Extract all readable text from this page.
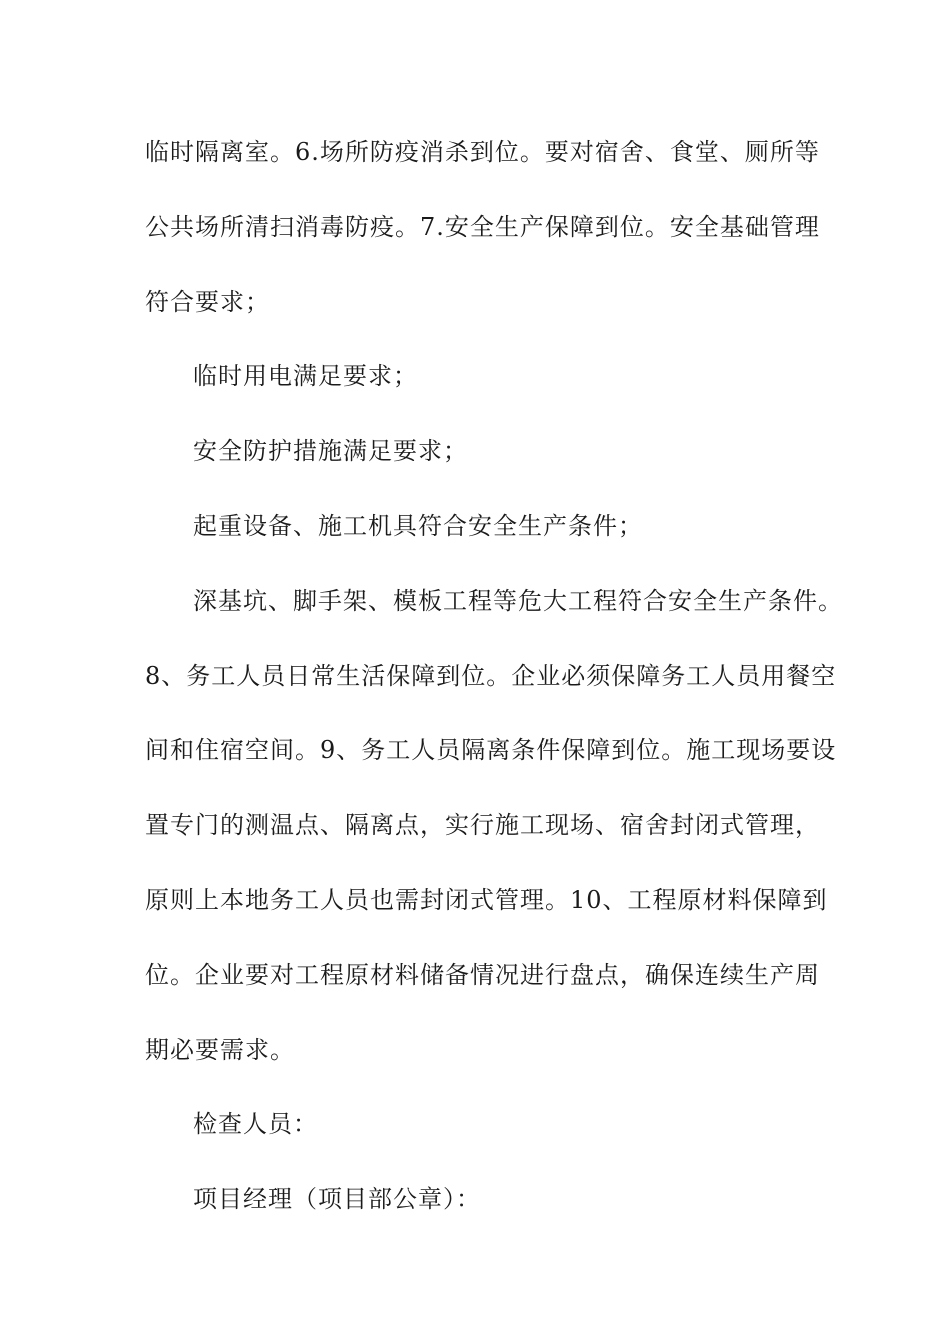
临时隔离室。6.场所防疫消杀到位。要对宿舍、食堂、厕所等
公共场所清扫消毒防疫。7.安全生产保障到位。安全基础管理
符合要求；
临时用电满足要求；
安全防护措施满足要求；
起重设备、施工机具符合安全生产条件；
深基坑、脚手架、模板工程等危大工程符合安全生产条件。
8、务工人员日常生活保障到位。企业必须保障务工人员用餐空
间和住宿空间。9、务工人员隔离条件保障到位。施工现场要设
置专门的测温点、隔离点，实行施工现场、宿舍封闭式管理，
原则上本地务工人员也需封闭式管理。10、工程原材料保障到
位。企业要对工程原材料储备情况进行盘点，确保连续生产周
期必要需求。
检查人员：
项目经理（项目部公章）：
